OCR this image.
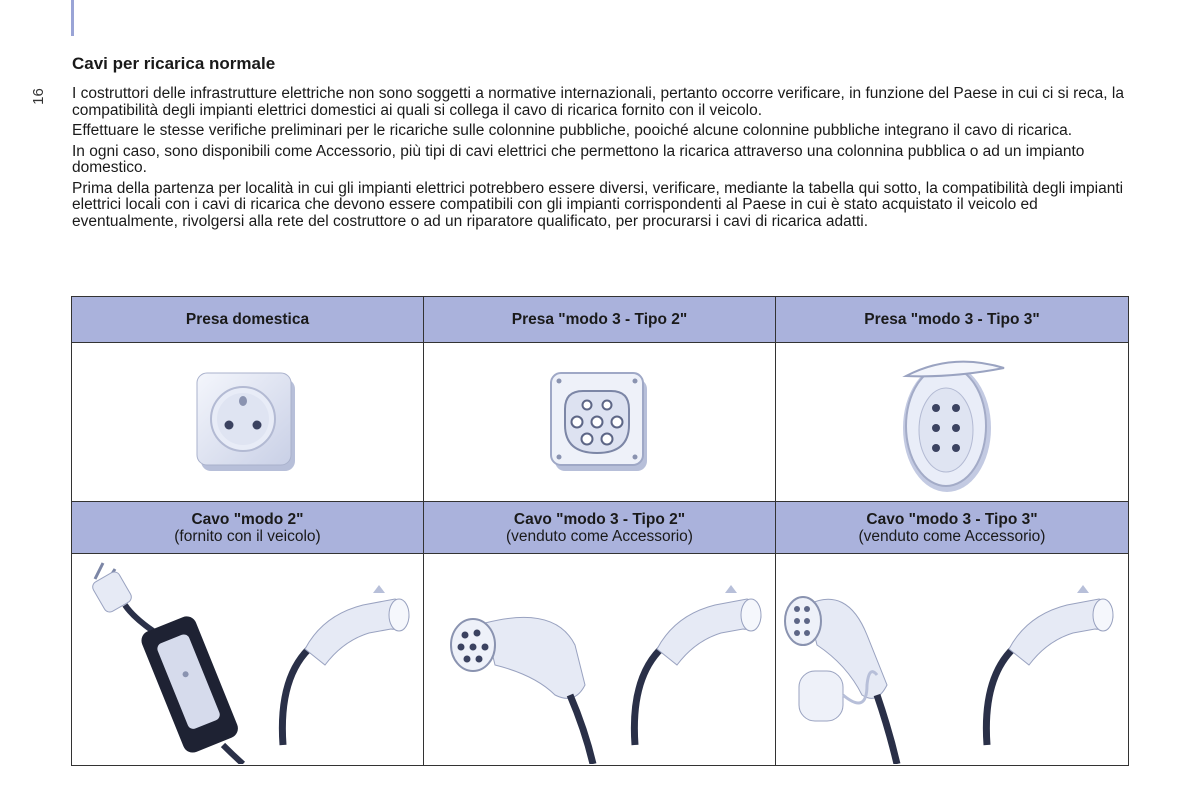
16
Cavi per ricarica normale

I costruttori delle infrastrutture elettriche non sono soggetti a normative internazionali, pertanto occorre verificare, in funzione del Paese in cui ci si reca, la compatibilità degli impianti elettrici domestici ai quali si collega il cavo di ricarica fornito con il veicolo.

Effettuare le stesse verifiche preliminari per le ricariche sulle colonnine pubbliche, pooiché alcune colonnine pubbliche integrano il cavo di ricarica.

In ogni caso, sono disponibili come Accessorio, più tipi di cavi elettrici che permettono la ricarica attraverso una colonnina pubblica o ad un impianto domestico.

Prima della partenza per località in cui gli impianti elettrici potrebbero essere diversi, verificare, mediante la tabella qui sotto, la compatibilità degli impianti elettrici locali con i cavi di ricarica che devono essere compatibili con gli impianti corrispondenti al Paese in cui è stato acquistato il veicolo ed eventualmente, rivolgersi alla rete del costruttore o ad un riparatore qualificato, per procurarsi i cavi di ricarica adatti.

Presa domestica	Presa "modo 3 - Tipo 2"	Presa "modo 3 - Tipo 3"
Cavo "modo 2"
(fornito con il veicolo)
Cavo "modo 3 - Tipo 2"
(venduto come Accessorio)
Cavo "modo 3 - Tipo 3"
(venduto come Accessorio)
